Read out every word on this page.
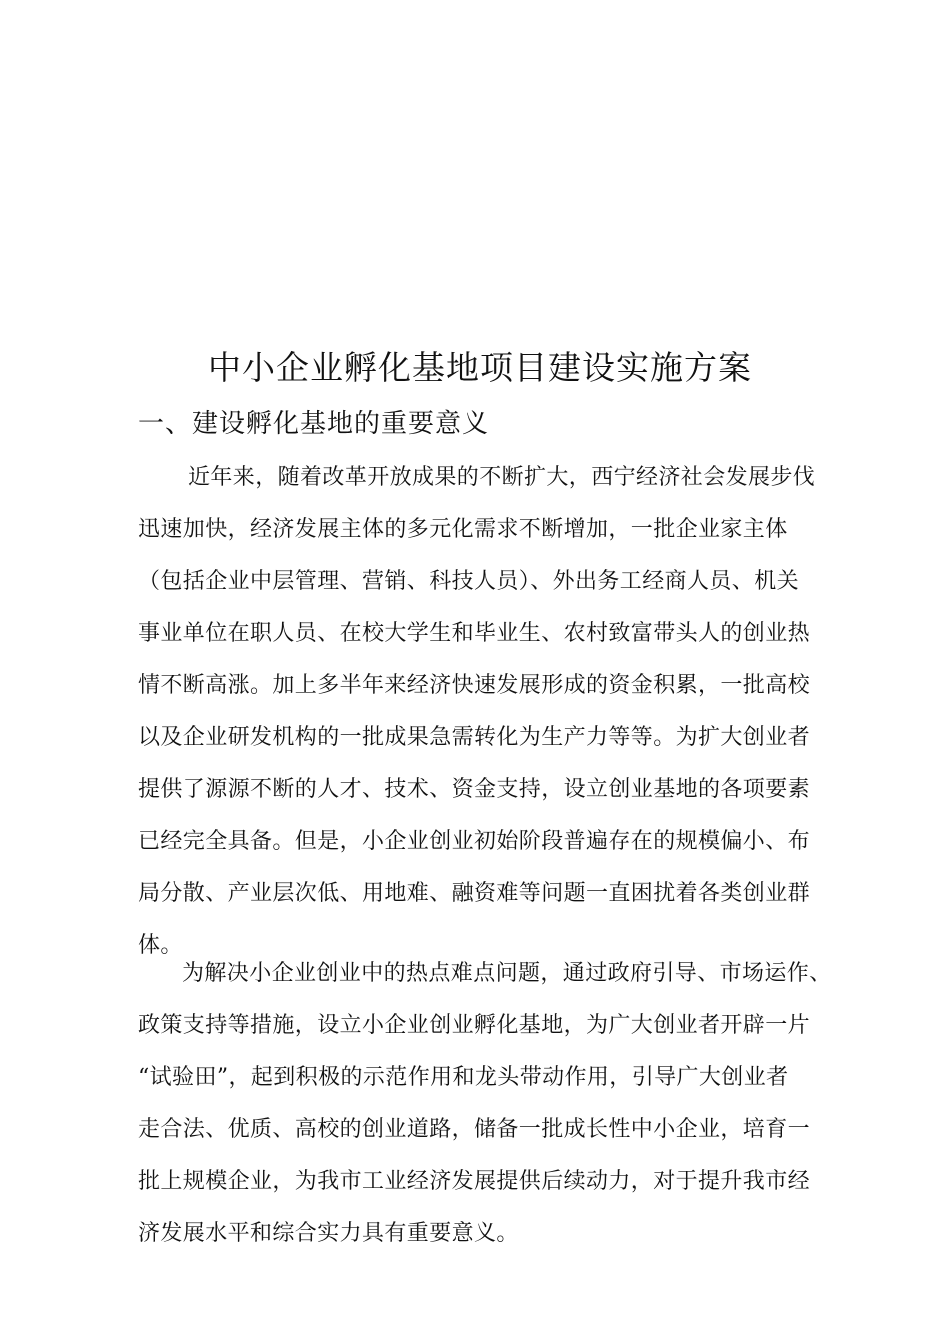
中小企业孵化基地项目建设实施方案
一、建设孵化基地的重要意义
近年来，随着改革开放成果的不断扩大，西宁经济社会发展步伐
迅速加快，经济发展主体的多元化需求不断增加，一批企业家主体
（包括企业中层管理、营销、科技人员）、外出务工经商人员、机关
事业单位在职人员、在校大学生和毕业生、农村致富带头人的创业热
情不断高涨。加上多半年来经济快速发展形成的资金积累，一批高校
以及企业研发机构的一批成果急需转化为生产力等等。为扩大创业者
提供了源源不断的人才、技术、资金支持，设立创业基地的各项要素
已经完全具备。但是，小企业创业初始阶段普遍存在的规模偏小、布
局分散、产业层次低、用地难、融资难等问题一直困扰着各类创业群
体。
为解决小企业创业中的热点难点问题，通过政府引导、市场运作、
政策支持等措施，设立小企业创业孵化基地，为广大创业者开辟一片
“试验田”，起到积极的示范作用和龙头带动作用，引导广大创业者
走合法、优质、高校的创业道路，储备一批成长性中小企业，培育一
批上规模企业，为我市工业经济发展提供后续动力，对于提升我市经
济发展水平和综合实力具有重要意义。
